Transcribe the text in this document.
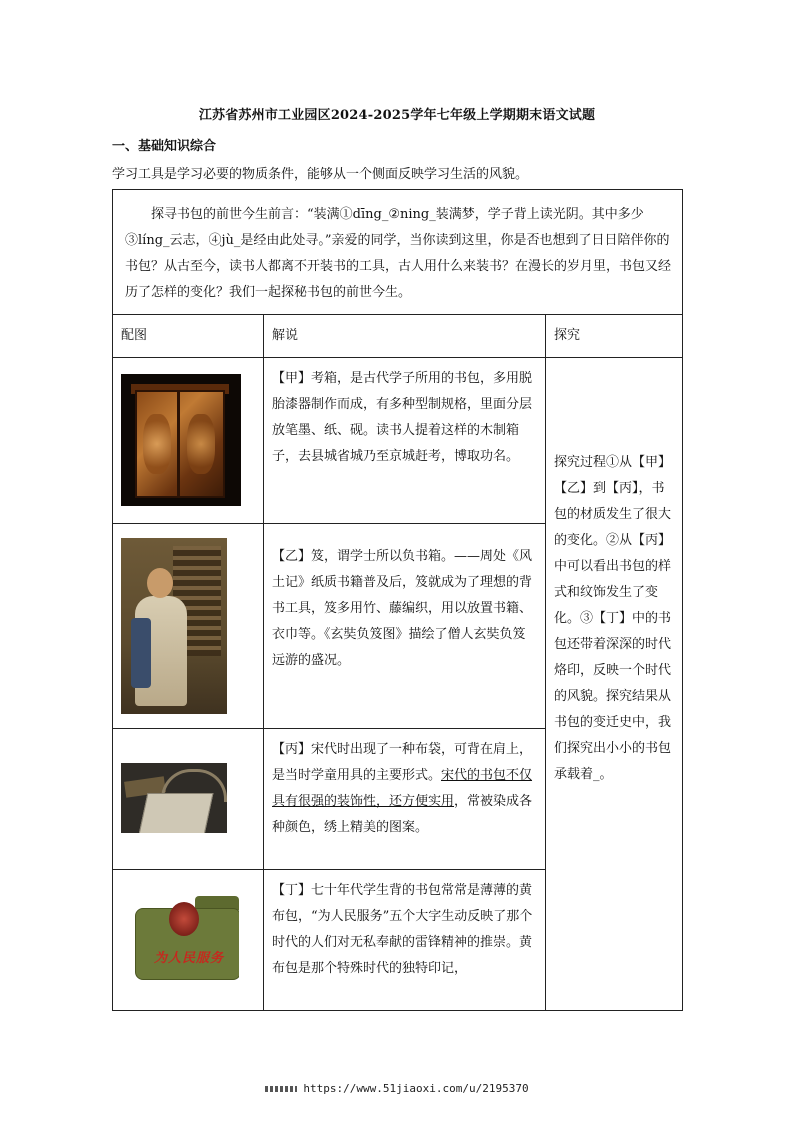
江苏省苏州市工业园区2024-2025学年七年级上学期期末语文试题
一、基础知识综合
学习工具是学习必要的物质条件，能够从一个侧面反映学习生活的风貌。
探寻书包的前世今生前言：“装满①dīng_②ning_装满梦，学子背上读光阴。其中多少③líng_云志，④jù_是经由此处寻。”亲爱的同学，当你读到这里，你是否也想到了日日陪伴你的书包？从古至今，读书人都离不开装书的工具，古人用什么来装书？在漫长的岁月里，书包又经历了怎样的变化？我们一起探秘书包的前世今生。		
配图	解说	探究

	【甲】考箱，是古代学子所用的书包，多用脱胎漆器制作而成，有多种型制规格，里面分层放笔墨、纸、砚。读书人提着这样的木制箱子，去县城省城乃至京城赶考，博取功名。	探究过程①从【甲】【乙】到【丙】，书包的材质发生了很大的变化。②从【丙】中可以看出书包的样式和纹饰发生了变化。③【丁】中的书包还带着深深的时代烙印，反映一个时代的风貌。探究结果从书包的变迁史中，我们探究出小小的书包承载着_。

	【乙】笈，谓学士所以负书箱。——周处《风土记》纸质书籍普及后，笈就成为了理想的背书工具，笈多用竹、藤编织，用以放置书籍、衣巾等。《玄奘负笈图》描绘了僧人玄奘负笈远游的盛况。	

	【丙】宋代时出现了一种布袋，可背在肩上，是当时学童用具的主要形式。宋代的书包不仅具有很强的装饰性，还方便实用，常被染成各种颜色，绣上精美的图案。	

为人民服务	【丁】七十年代学生背的书包常常是薄薄的黄布包，“为人民服务”五个大字生动反映了那个时代的人们对无私奉献的雷锋精神的推崇。黄布包是那个特殊时代的独特印记，	
https://www.51jiaoxi.com/u/2195370
